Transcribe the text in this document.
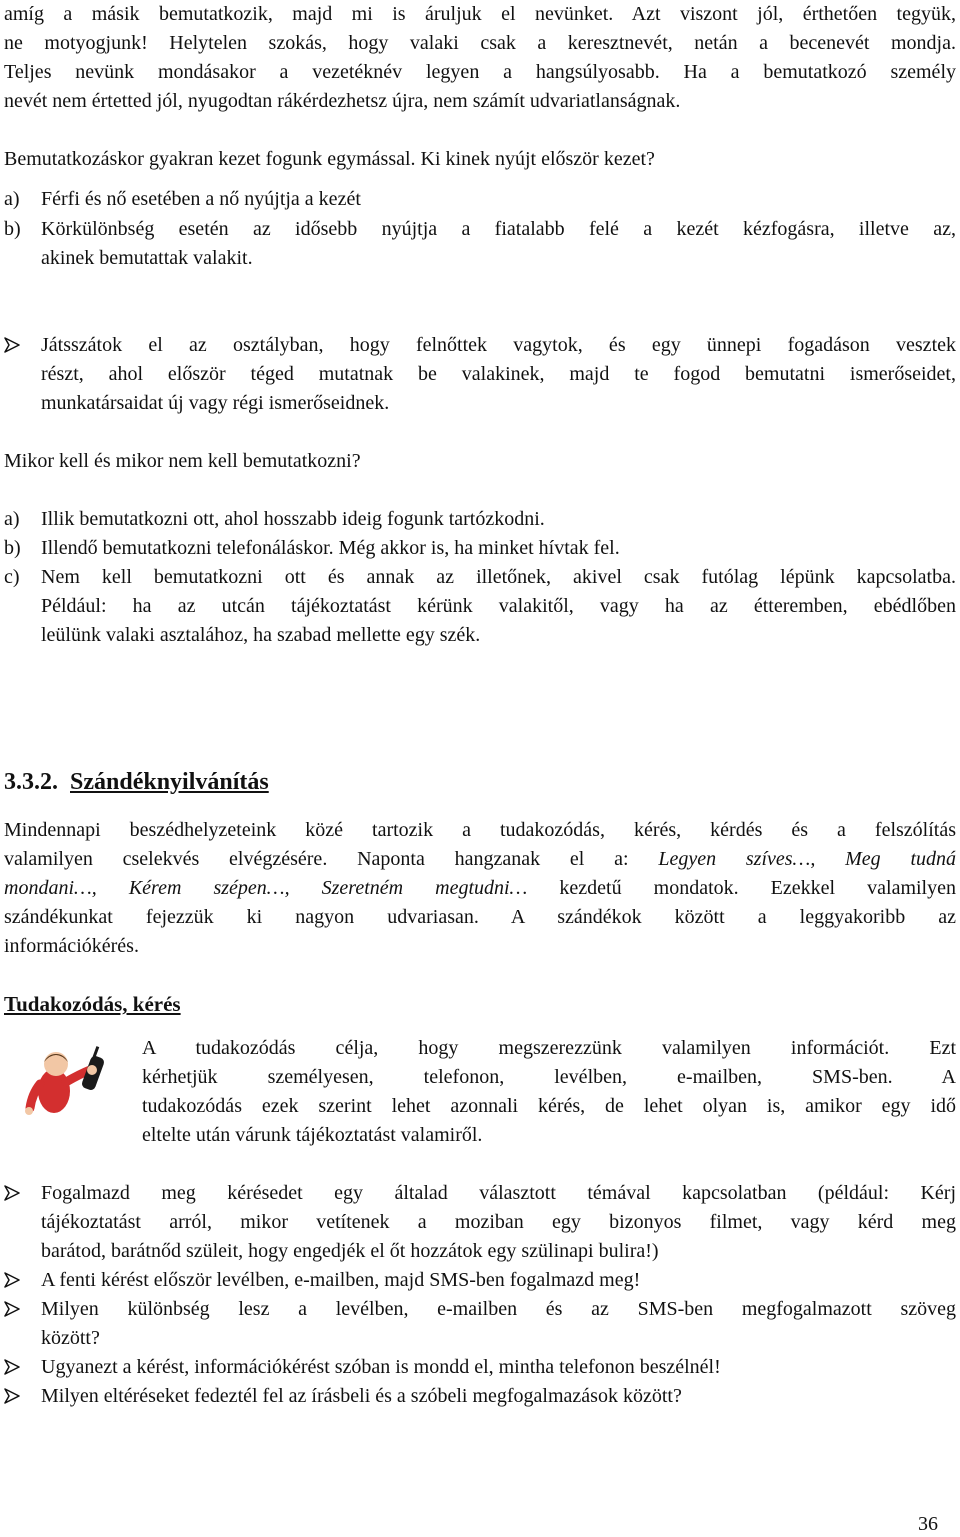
amíg a másik bemutatkozik, majd mi is áruljuk el nevünket. Azt viszont jól, érthetően tegyük,
ne motyogjunk! Helytelen szokás, hogy valaki csak a keresztnevét, netán a becenevét mondja.
Teljes nevünk mondásakor a vezetéknév legyen a hangsúlyosabb. Ha a bemutatkozó személy
nevét nem értetted jól, nyugodtan rákérdezhetsz újra, nem számít udvariatlanságnak.
Bemutatkozáskor gyakran kezet fogunk egymással. Ki kinek nyújt először kezet?
a)	Férfi és nő esetében a nő nyújtja a kezét
b)	Körkülönbség esetén az idősebb nyújtja a fiatalabb felé a kezét kézfogásra, illetve az,
akinek bemutattak valakit.
Játsszátok el az osztályban, hogy felnőttek vagytok, és egy ünnepi fogadáson vesztek
részt, ahol először téged mutatnak be valakinek, majd te fogod bemutatni ismerőseidet,
munkatársaidat új vagy régi ismerőseidnek.
Mikor kell és mikor nem kell bemutatkozni?
a)	Illik bemutatkozni ott, ahol hosszabb ideig fogunk tartózkodni.
b)	Illendő bemutatkozni telefonáláskor. Még akkor is, ha minket hívtak fel.
c)	Nem kell bemutatkozni ott és annak az illetőnek, akivel csak futólag lépünk kapcsolatba.
Például: ha az utcán tájékoztatást kérünk valakitől, vagy ha az étteremben, ebédlőben
leülünk valaki asztalához, ha szabad mellette egy szék.
3.3.2. Szándéknyilvánítás
Mindennapi beszédhelyzeteink közé tartozik a tudakozódás, kérés, kérdés és a felszólítás
valamilyen cselekvés elvégzésére. Naponta hangzanak el a: Legyen szíves…, Meg tudná
mondani…, Kérem szépen…, Szeretném megtudni… kezdetű mondatok. Ezekkel valamilyen
szándékunkat fejezzük ki nagyon udvariasan. A szándékok között a leggyakoribb az
információkérés.
Tudakozódás, kérés
A tudakozódás célja, hogy megszerezzünk valamilyen információt. Ezt
kérhetjük személyesen, telefonon, levélben, e-mailben, SMS-ben. A
tudakozódás ezek szerint lehet azonnali kérés, de lehet olyan is, amikor egy idő
eltelte után várunk tájékoztatást valamiről.
Fogalmazd meg kérésedet egy általad választott témával kapcsolatban (például: Kérj
tájékoztatást arról, mikor vetítenek a moziban egy bizonyos filmet, vagy kérd meg
barátod, barátnőd szüleit, hogy engedjék el őt hozzátok egy szülinapi bulira!)
A fenti kérést először levélben, e-mailben, majd SMS-ben fogalmazd meg!
Milyen különbség lesz a levélben, e-mailben és az SMS-ben megfogalmazott szöveg
között?
Ugyanezt a kérést, információkérést szóban is mondd el, mintha telefonon beszélnél!
Milyen eltéréseket fedeztél fel az írásbeli és a szóbeli megfogalmazások között?
36
